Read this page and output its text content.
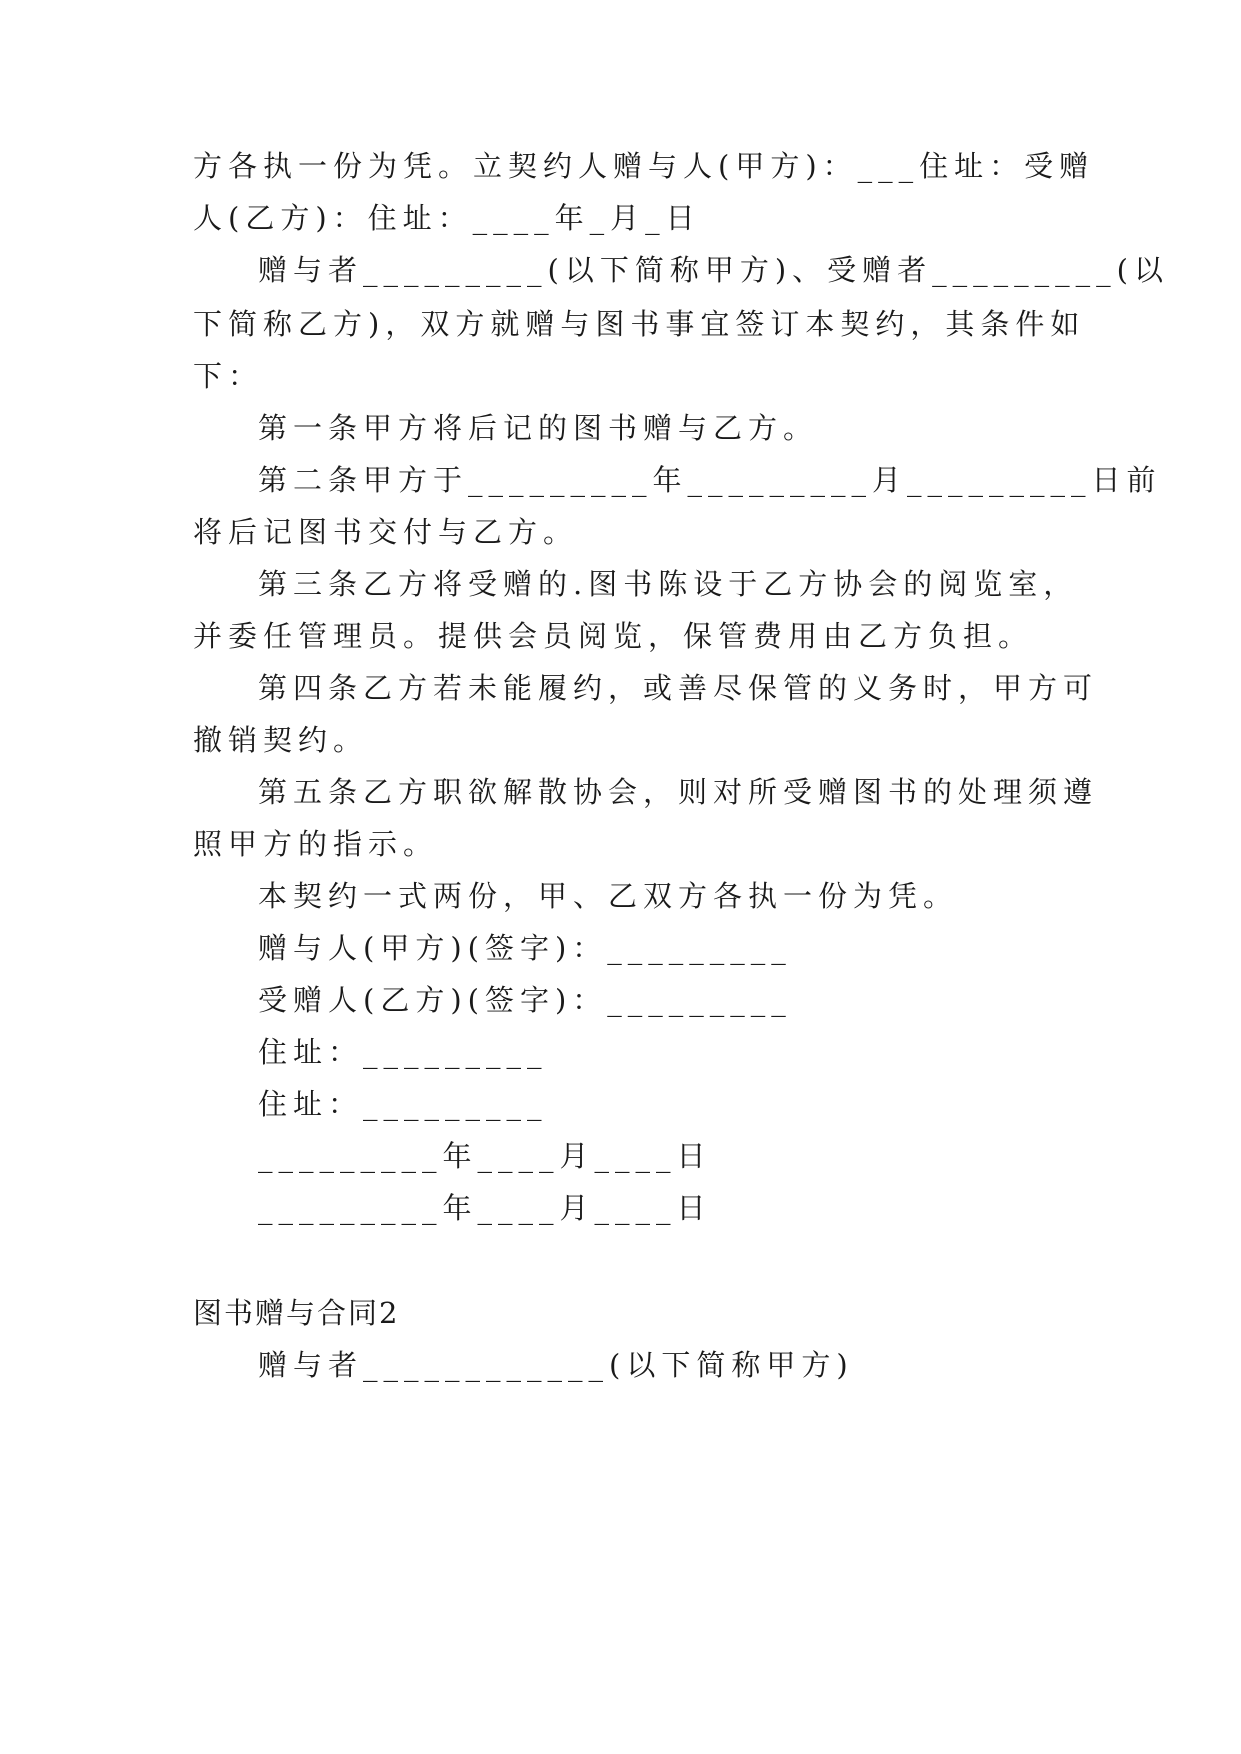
方各执一份为凭。立契约人赠与人(甲方)：___住址：受赠
人(乙方)：住址：____年_月_日
赠与者_________(以下简称甲方)、受赠者_________(以
下简称乙方)，双方就赠与图书事宜签订本契约，其条件如
下：
第一条甲方将后记的图书赠与乙方。
第二条甲方于_________年_________月_________日前
将后记图书交付与乙方。
第三条乙方将受赠的.图书陈设于乙方协会的阅览室，
并委任管理员。提供会员阅览，保管费用由乙方负担。
第四条乙方若未能履约，或善尽保管的义务时，甲方可
撤销契约。
第五条乙方职欲解散协会，则对所受赠图书的处理须遵
照甲方的指示。
本契约一式两份，甲、乙双方各执一份为凭。
赠与人(甲方)(签字)：_________
受赠人(乙方)(签字)：_________
住址：_________
住址：_________
_________年____月____日
_________年____月____日
图书赠与合同2
赠与者____________(以下简称甲方)
